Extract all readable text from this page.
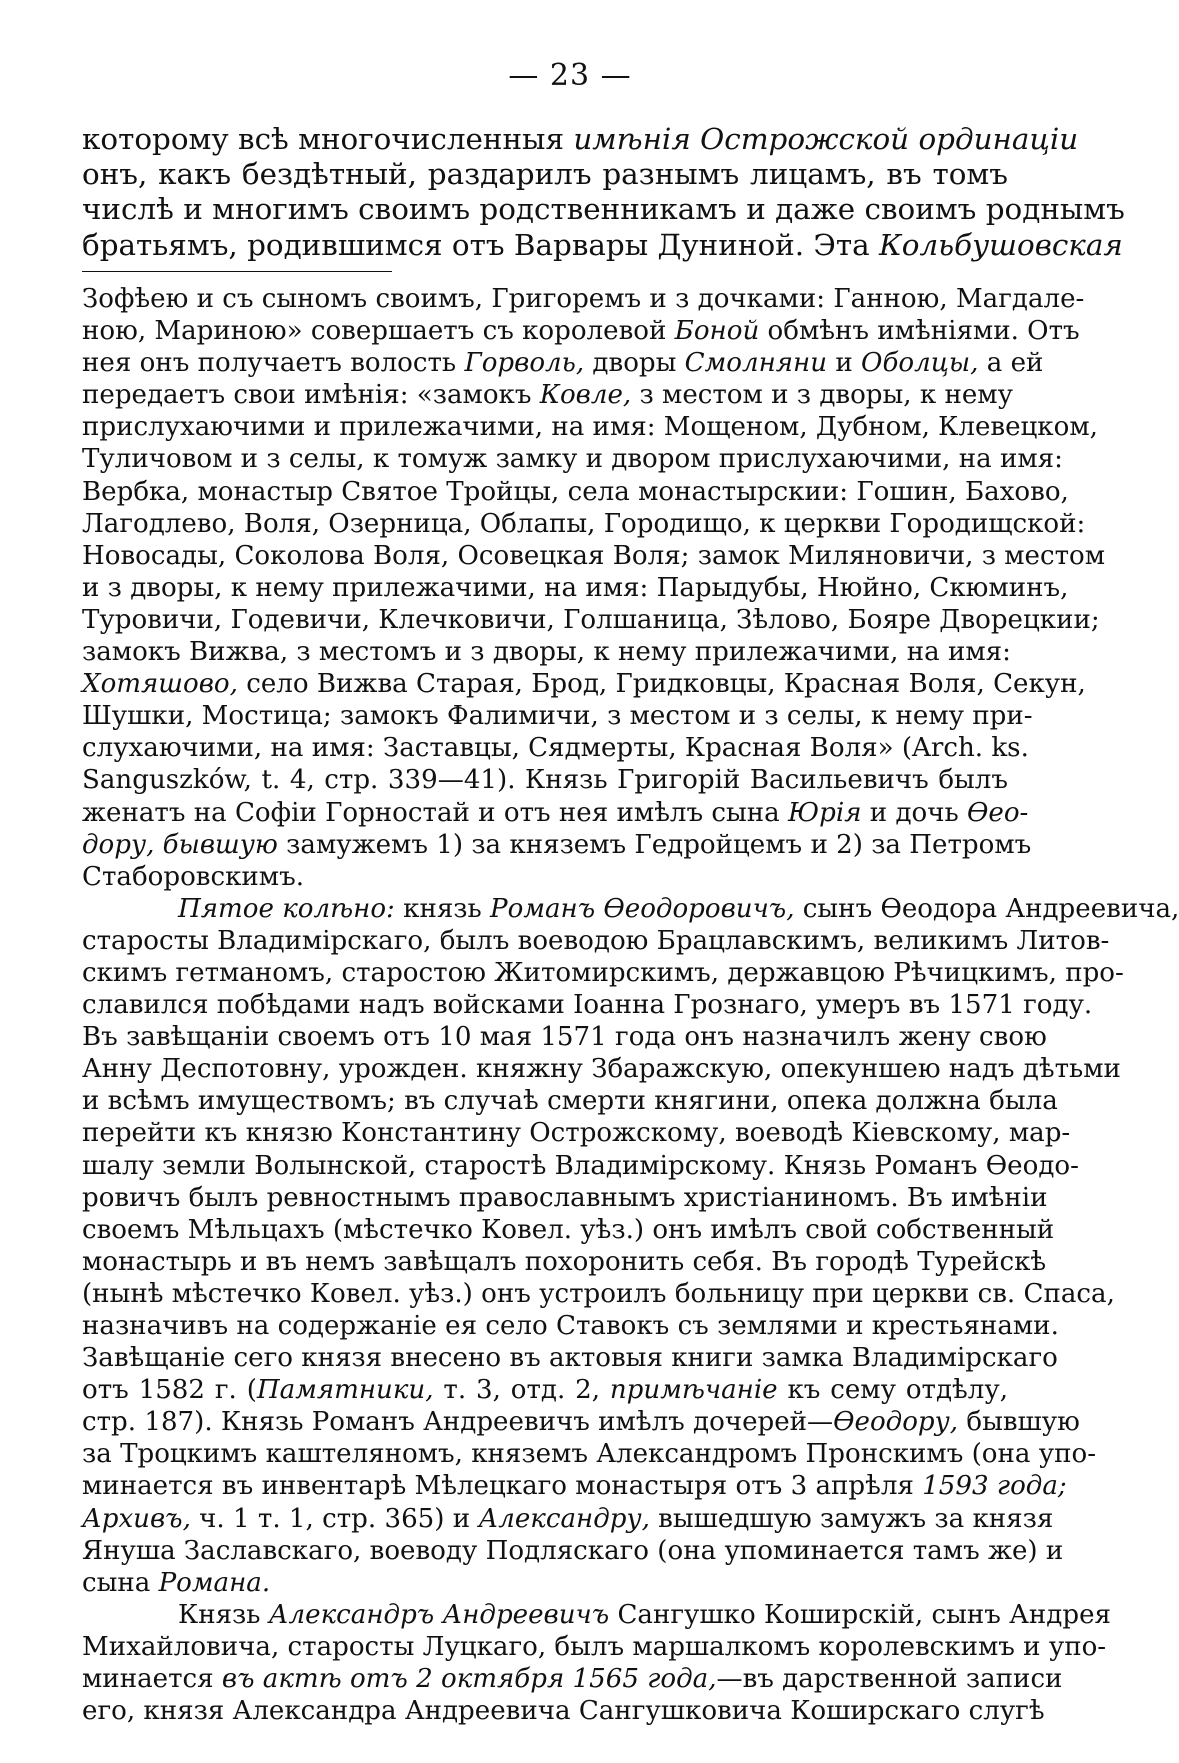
— 23 —
которому всѣ многочисленныя имѣнія Острожской ординаціи
онъ, какъ бездѣтный, раздарилъ разнымъ лицамъ, въ томъ
числѣ и многимъ своимъ родственникамъ и даже своимъ роднымъ
братьямъ, родившимся отъ Варвары Дуниной. Эта Кольбушовская
Зофѣею и съ сыномъ своимъ, Григоремъ и з дочками: Ганною, Магдале-
ною, Мариною» совершаетъ съ королевой Боной обмѣнъ имѣніями. Отъ
нея онъ получаетъ волость Горволь, дворы Смолняни и Оболцы, а ей
передаетъ свои имѣнія: «замокъ Ковле, з местом и з дворы, к нему
прислухаючими и прилежачими, на имя: Мощеном, Дубном, Клевецком,
Туличовом и з селы, к томуж замку и двором прислухаючими, на имя:
Вербка, монастыр Святое Тройцы, села монастырскии: Гошин, Бахово,
Лагодлево, Воля, Озерница, Облапы, Городищо, к церкви Городищской:
Новосады, Соколова Воля, Осовецкая Воля; замок Миляновичи, з местом
и з дворы, к нему прилежачими, на имя: Парыдубы, Нюйно, Скюминъ,
Туровичи, Годевичи, Клечковичи, Голшаница, Зѣлово, Бояре Дворецкии;
замокъ Вижва, з местомъ и з дворы, к нему прилежачими, на имя:
Хотяшово, село Вижва Старая, Брод, Гридковцы, Красная Воля, Секун,
Шушки, Мостица; замокъ Фалимичи, з местом и з селы, к нему при-
слухаючими, на имя: Заставцы, Сядмерты, Красная Воля» (Arch. ks.
Sanguszków, t. 4, стр. 339—41). Князь Григорій Васильевичъ былъ
женатъ на Софіи Горностай и отъ нея имѣлъ сына Юрія и дочь Ѳео-
дору, бывшую замужемъ 1) за княземъ Гедройцемъ и 2) за Петромъ
Стаборовскимъ.
Пятое колѣно: князь Романъ Ѳеодоровичъ, сынъ Ѳеодора Андреевича,
старосты Владимірскаго, былъ воеводою Брацлавскимъ, великимъ Литов-
скимъ гетманомъ, старостою Житомирскимъ, державцою Рѣчицкимъ, про-
славился побѣдами надъ войсками Іоанна Грознаго, умеръ въ 1571 году.
Въ завѣщаніи своемъ отъ 10 мая 1571 года онъ назначилъ жену свою
Анну Деспотовну, урожден. княжну Збаражскую, опекуншею надъ дѣтьми
и всѣмъ имуществомъ; въ случаѣ смерти княгини, опека должна была
перейти къ князю Константину Острожскому, воеводѣ Кіевскому, мар-
шалу земли Волынской, старостѣ Владимірскому. Князь Романъ Ѳеодо-
ровичъ былъ ревностнымъ православнымъ христіаниномъ. Въ имѣніи
своемъ Мѣльцахъ (мѣстечко Ковел. уѣз.) онъ имѣлъ свой собственный
монастырь и въ немъ завѣщалъ похоронить себя. Въ городѣ Турейскѣ
(нынѣ мѣстечко Ковел. уѣз.) онъ устроилъ больницу при церкви св. Спаса,
назначивъ на содержаніе ея село Ставокъ съ землями и крестьянами.
Завѣщаніе сего князя внесено въ актовыя книги замка Владимірскаго
отъ 1582 г. (Памятники, т. 3, отд. 2, примѣчаніе къ сему отдѣлу,
стр. 187). Князь Романъ Андреевичъ имѣлъ дочерей—Ѳеодору, бывшую
за Троцкимъ каштеляномъ, княземъ Александромъ Пронскимъ (она упо-
минается въ инвентарѣ Мѣлецкаго монастыря отъ 3 апрѣля 1593 года;
Архивъ, ч. 1 т. 1, стр. 365) и Александру, вышедшую замужъ за князя
Януша Заславскаго, воеводу Подляскаго (она упоминается тамъ же) и
сына Романа.
Князь Александръ Андреевичъ Сангушко Коширскій, сынъ Андрея
Михайловича, старосты Луцкаго, былъ маршалкомъ королевскимъ и упо-
минается въ актѣ отъ 2 октября 1565 года,—въ дарственной записи
его, князя Александра Андреевича Сангушковича Коширскаго слугѣ
